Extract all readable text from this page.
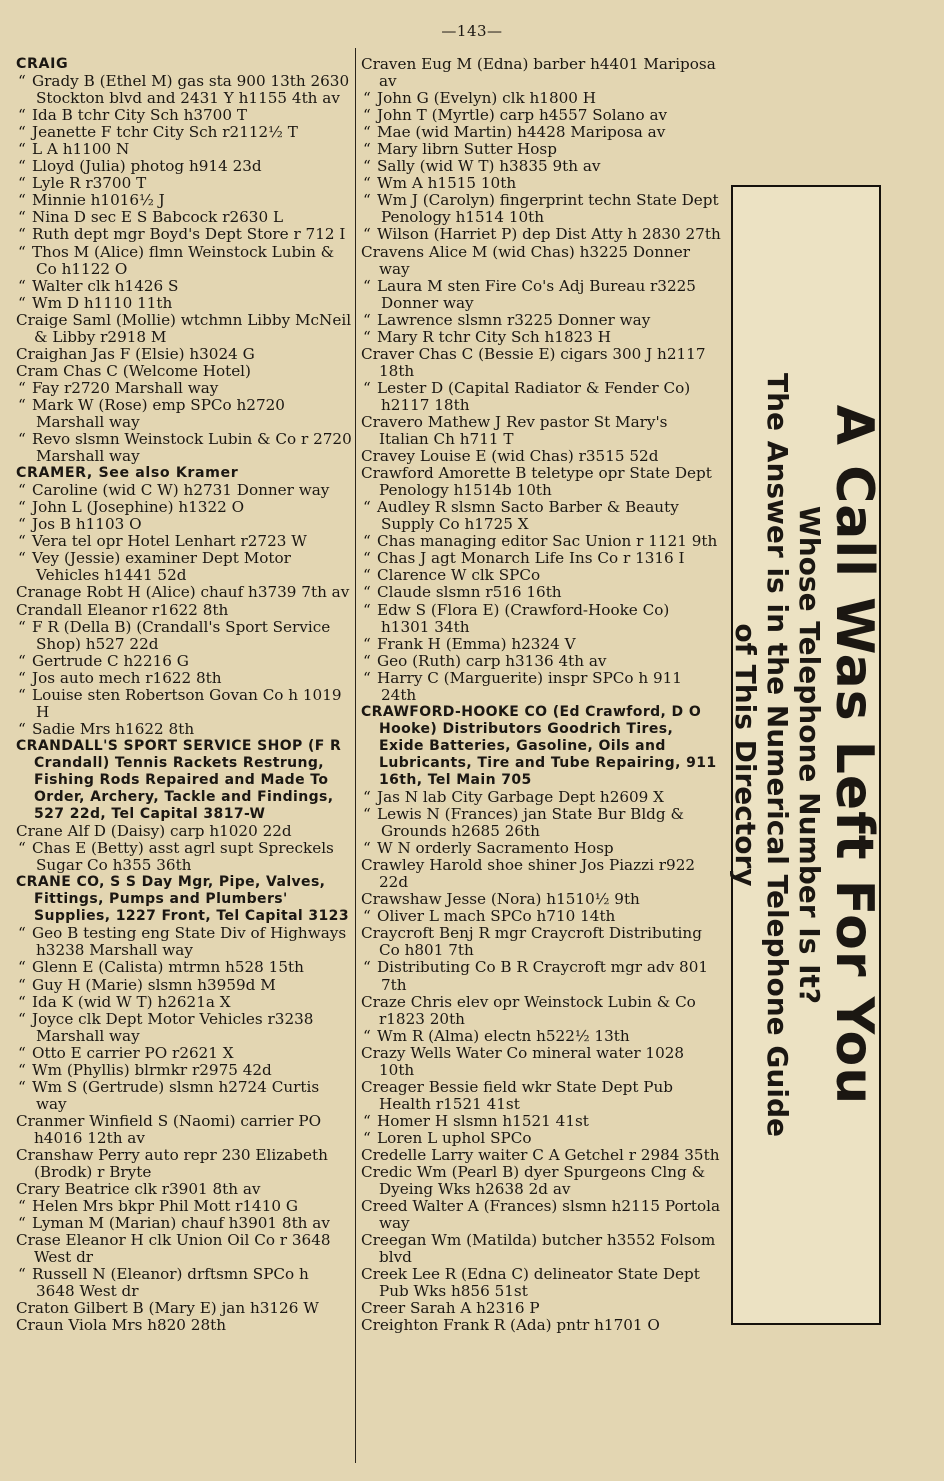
—143—
CRAIG
“ Grady B (Ethel M) gas sta 900 13th 2630 Stockton blvd and 2431 Y h1155 4th av
“ Ida B tchr City Sch h3700 T
“ Jeanette F tchr City Sch r2112½ T
“ L A h1100 N
“ Lloyd (Julia) photog h914 23d
“ Lyle R r3700 T
“ Minnie h1016½ J
“ Nina D sec E S Babcock r2630 L
“ Ruth dept mgr Boyd's Dept Store r 712 I
“ Thos M (Alice) flmn Weinstock Lubin & Co h1122 O
“ Walter clk h1426 S
“ Wm D h1110 11th
Craige Saml (Mollie) wtchmn Libby McNeil & Libby r2918 M
Craighan Jas F (Elsie) h3024 G
Cram Chas C (Welcome Hotel)
“ Fay r2720 Marshall way
“ Mark W (Rose) emp SPCo h2720 Marshall way
“ Revo slsmn Weinstock Lubin & Co r 2720 Marshall way
CRAMER, See also Kramer
“ Caroline (wid C W) h2731 Donner way
“ John L (Josephine) h1322 O
“ Jos B h1103 O
“ Vera tel opr Hotel Lenhart r2723 W
“ Vey (Jessie) examiner Dept Motor Vehicles h1441 52d
Cranage Robt H (Alice) chauf h3739 7th av
Crandall Eleanor r1622 8th
“ F R (Della B) (Crandall's Sport Service Shop) h527 22d
“ Gertrude C h2216 G
“ Jos auto mech r1622 8th
“ Louise sten Robertson Govan Co h 1019 H
“ Sadie Mrs h1622 8th
CRANDALL'S SPORT SERVICE SHOP (F R Crandall) Tennis Rackets Restrung, Fishing Rods Repaired and Made To Order, Archery, Tackle and Findings, 527 22d, Tel Capital 3817-W
Crane Alf D (Daisy) carp h1020 22d
“ Chas E (Betty) asst agrl supt Spreckels Sugar Co h355 36th
CRANE CO, S S Day Mgr, Pipe, Valves, Fittings, Pumps and Plumbers' Supplies, 1227 Front, Tel Capital 3123
“ Geo B testing eng State Div of Highways h3238 Marshall way
“ Glenn E (Calista) mtrmn h528 15th
“ Guy H (Marie) slsmn h3959d M
“ Ida K (wid W T) h2621a X
“ Joyce clk Dept Motor Vehicles r3238 Marshall way
“ Otto E carrier PO r2621 X
“ Wm (Phyllis) blrmkr r2975 42d
“ Wm S (Gertrude) slsmn h2724 Curtis way
Cranmer Winfield S (Naomi) carrier PO h4016 12th av
Cranshaw Perry auto repr 230 Elizabeth (Brodk) r Bryte
Crary Beatrice clk r3901 8th av
“ Helen Mrs bkpr Phil Mott r1410 G
“ Lyman M (Marian) chauf h3901 8th av
Crase Eleanor H clk Union Oil Co r 3648 West dr
“ Russell N (Eleanor) drftsmn SPCo h 3648 West dr
Craton Gilbert B (Mary E) jan h3126 W
Craun Viola Mrs h820 28th
Craven Eug M (Edna) barber h4401 Mariposa av
“ John G (Evelyn) clk h1800 H
“ John T (Myrtle) carp h4557 Solano av
“ Mae (wid Martin) h4428 Mariposa av
“ Mary librn Sutter Hosp
“ Sally (wid W T) h3835 9th av
“ Wm A h1515 10th
“ Wm J (Carolyn) fingerprint techn State Dept Penology h1514 10th
“ Wilson (Harriet P) dep Dist Atty h 2830 27th
Cravens Alice M (wid Chas) h3225 Donner way
“ Laura M sten Fire Co's Adj Bureau r3225 Donner way
“ Lawrence slsmn r3225 Donner way
“ Mary R tchr City Sch h1823 H
Craver Chas C (Bessie E) cigars 300 J h2117 18th
“ Lester D (Capital Radiator & Fender Co) h2117 18th
Cravero Mathew J Rev pastor St Mary's Italian Ch h711 T
Cravey Louise E (wid Chas) r3515 52d
Crawford Amorette B teletype opr State Dept Penology h1514b 10th
“ Audley R slsmn Sacto Barber & Beauty Supply Co h1725 X
“ Chas managing editor Sac Union r 1121 9th
“ Chas J agt Monarch Life Ins Co r 1316 I
“ Clarence W clk SPCo
“ Claude slsmn r516 16th
“ Edw S (Flora E) (Crawford-Hooke Co) h1301 34th
“ Frank H (Emma) h2324 V
“ Geo (Ruth) carp h3136 4th av
“ Harry C (Marguerite) inspr SPCo h 911 24th
CRAWFORD-HOOKE CO (Ed Crawford, D O Hooke) Distributors Goodrich Tires, Exide Batteries, Gasoline, Oils and Lubricants, Tire and Tube Repairing, 911 16th, Tel Main 705
“ Jas N lab City Garbage Dept h2609 X
“ Lewis N (Frances) jan State Bur Bldg & Grounds h2685 26th
“ W N orderly Sacramento Hosp
Crawley Harold shoe shiner Jos Piazzi r922 22d
Crawshaw Jesse (Nora) h1510½ 9th
“ Oliver L mach SPCo h710 14th
Craycroft Benj R mgr Craycroft Distributing Co h801 7th
“ Distributing Co B R Craycroft mgr adv 801 7th
Craze Chris elev opr Weinstock Lubin & Co r1823 20th
“ Wm R (Alma) electn h522½ 13th
Crazy Wells Water Co mineral water 1028 10th
Creager Bessie field wkr State Dept Pub Health r1521 41st
“ Homer H slsmn h1521 41st
“ Loren L uphol SPCo
Credelle Larry waiter C A Getchel r 2984 35th
Credic Wm (Pearl B) dyer Spurgeons Clng & Dyeing Wks h2638 2d av
Creed Walter A (Frances) slsmn h2115 Portola way
Creegan Wm (Matilda) butcher h3552 Folsom blvd
Creek Lee R (Edna C) delineator State Dept Pub Wks h856 51st
Creer Sarah A h2316 P
Creighton Frank R (Ada) pntr h1701 O
A Call Was Left For You
Whose Telephone Number Is It?
The Answer is in the Numerical Telephone Guide
of This Directory
